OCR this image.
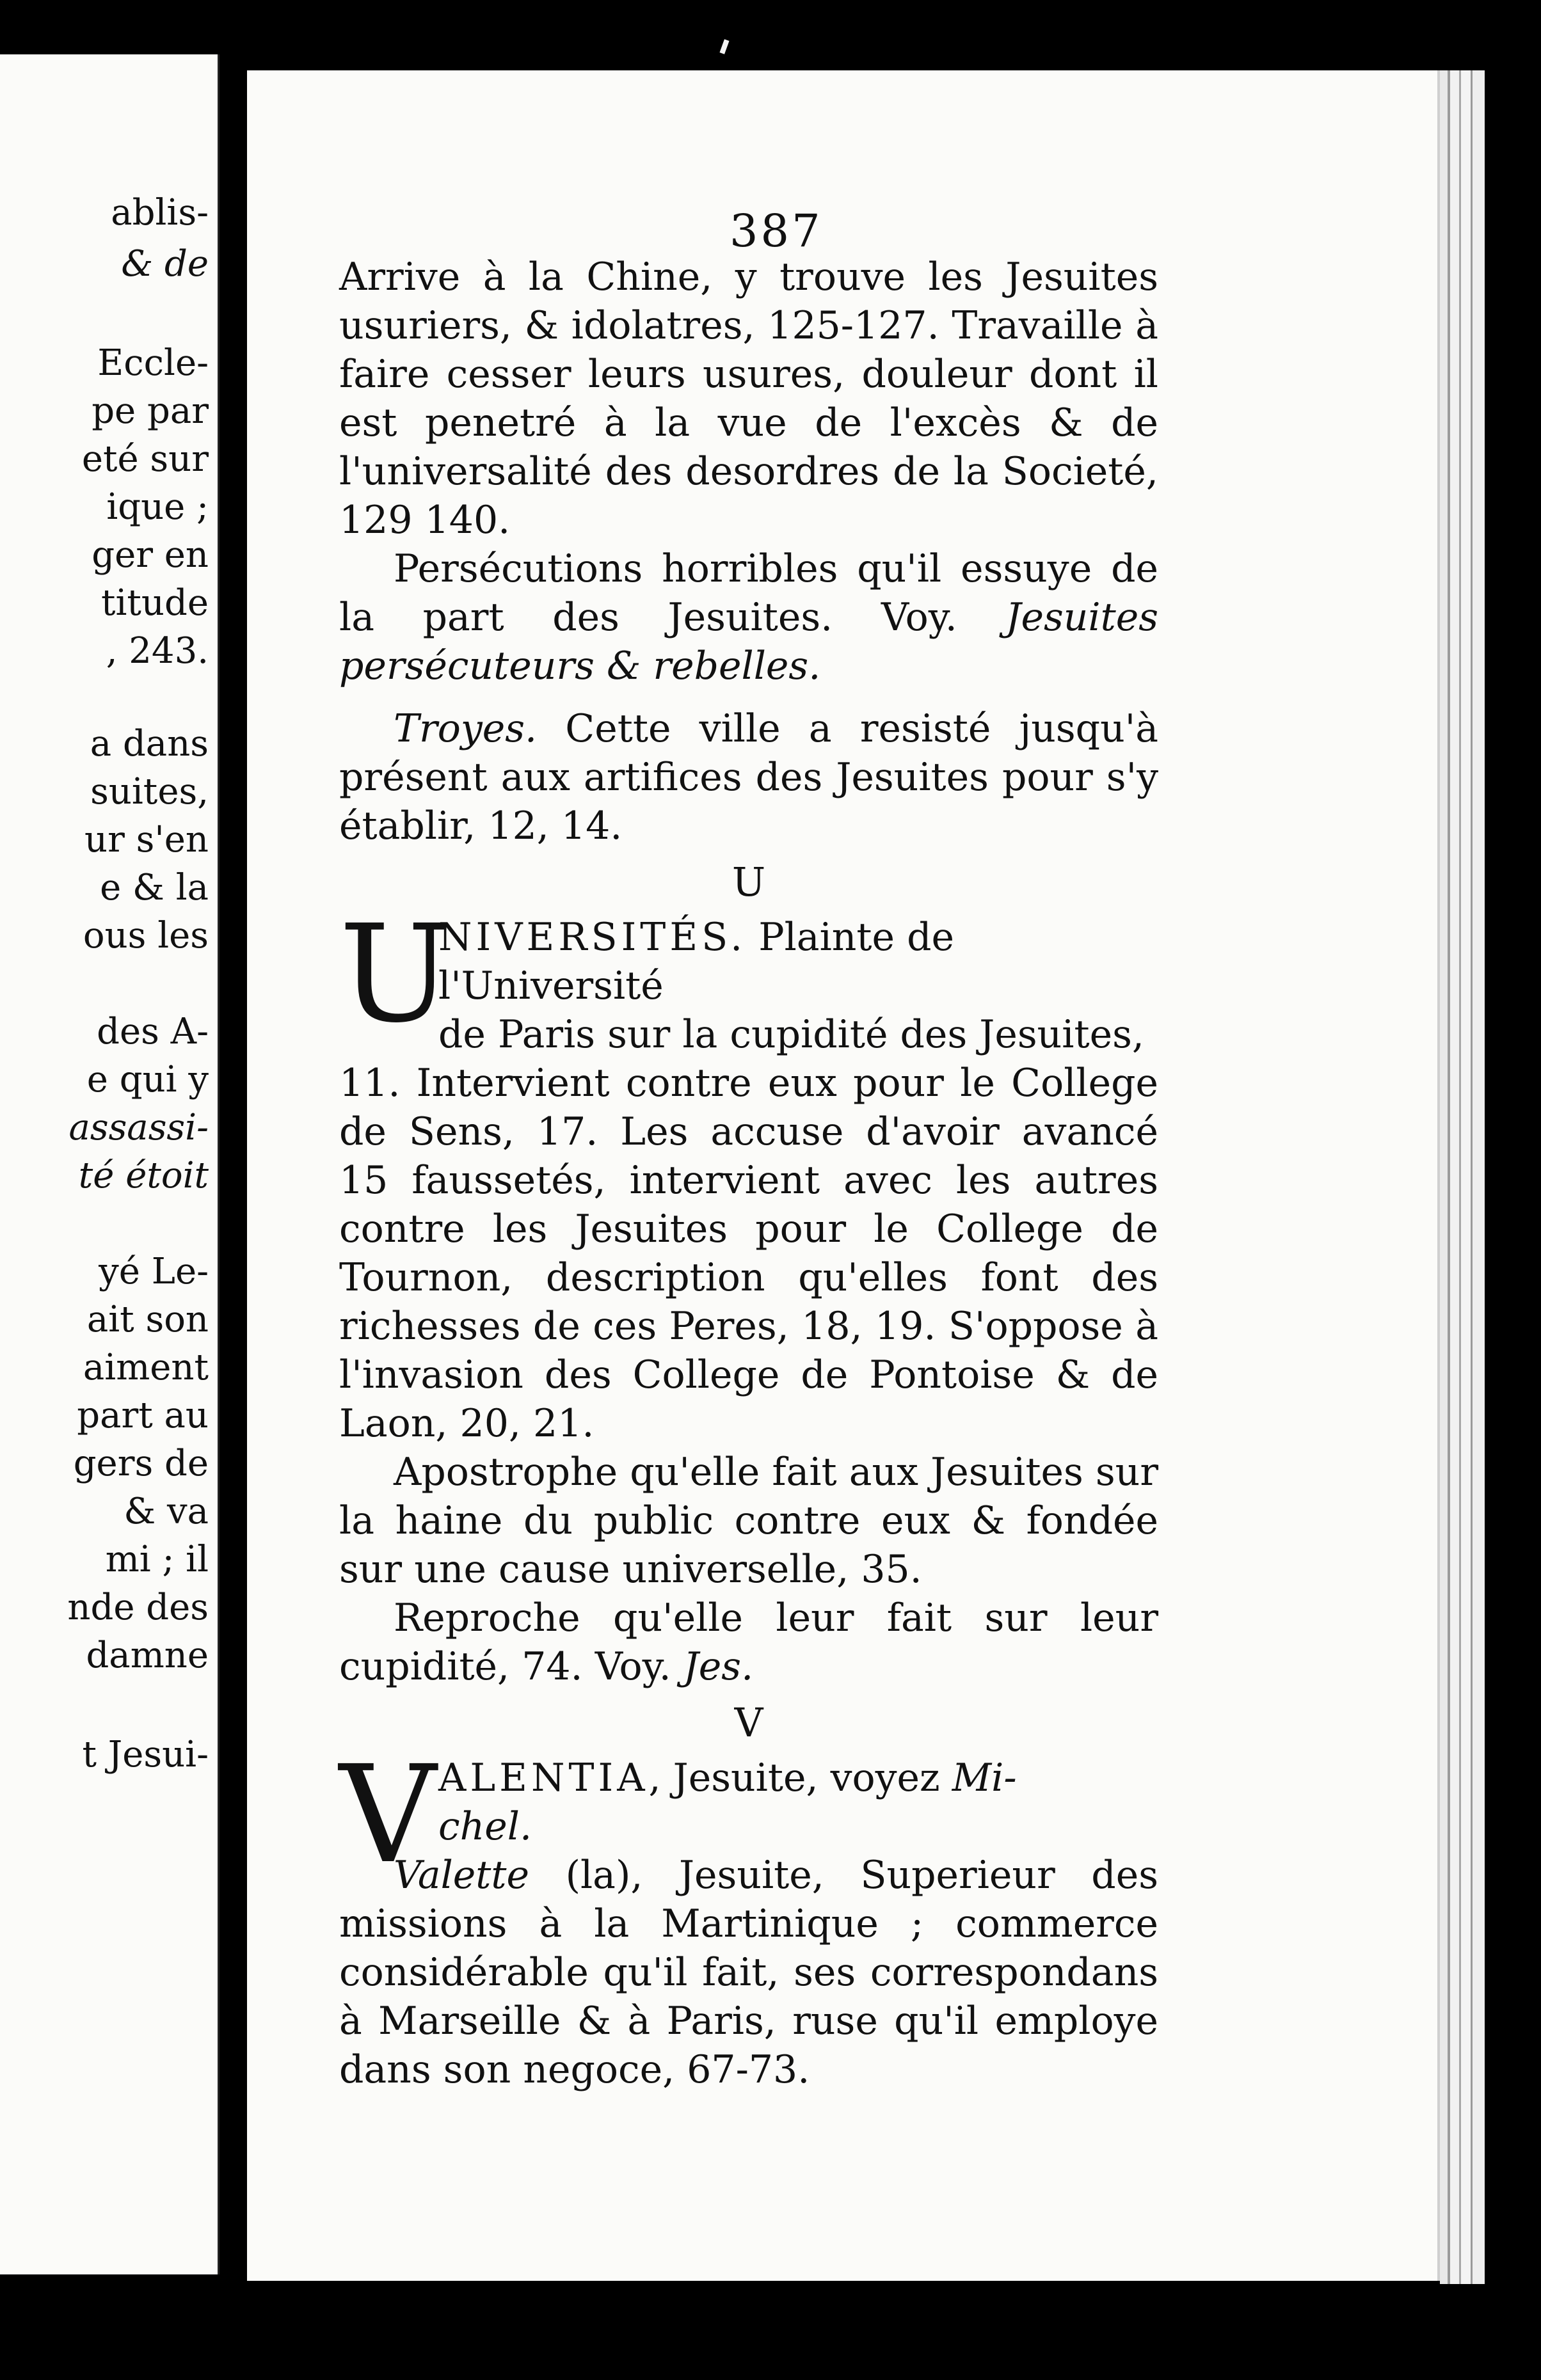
ablis-
& de
Eccle-
pe par
eté sur
ique ;
ger en
titude
, 243.
a dans
suites,
ur s'en
e & la
ous les
des A-
e qui y
assassi-
té étoit
yé Le-
ait son
aiment
part au
gers de
& va
mi ; il
nde des
damne
t Jesui-
387

Arrive à la Chine, y trouve les Jesuites usuriers, & idolatres, 125-127. Travaille à faire cesser leurs usures, douleur dont il est penetré à la vue de l'excès & de l'universalité des desordres de la Societé, 129 140.

Persécutions horribles qu'il essuye de la part des Jesuites. Voy. Jesuites persécuteurs & rebelles.

Troyes. Cette ville a resisté jusqu'à présent aux artifices des Jesuites pour s'y établir, 12, 14.

U
U
NIVERSITÉS. Plainte de l'Université
de Paris sur la cupidité des Jesuites,

11. Intervient contre eux pour le College de Sens, 17. Les accuse d'avoir avancé 15 faussetés, intervient avec les autres contre les Jesuites pour le College de Tournon, description qu'elles font des richesses de ces Peres, 18, 19. S'oppose à l'invasion des College de Pontoise & de Laon, 20, 21.

Apostrophe qu'elle fait aux Jesuites sur la haine du public contre eux & fondée sur une cause universelle, 35.

Reproche qu'elle leur fait sur leur cupidité, 74. Voy. Jes.

V
V ALENTIA, Jesuite, voyez Mi-
chel.

Valette (la), Jesuite, Superieur des missions à la Martinique ; commerce considérable qu'il fait, ses correspondans à Marseille & à Paris, ruse qu'il employe dans son negoce, 67-73.
